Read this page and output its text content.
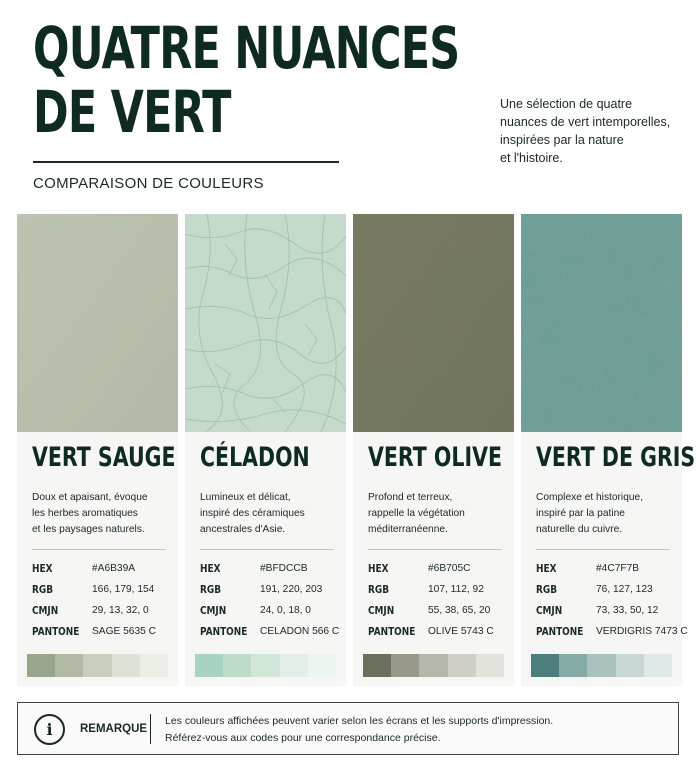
QUATRE NUANCES
DE VERT
COMPARAISON DE COULEURS
Une sélection de quatre
nuances de vert intemporelles,
inspirées par la nature
et l'histoire.
VERT SAUGE
Doux et apaisant, évoque
les herbes aromatiques
et les paysages naturels.
HEX	#A6B39A
RGB	166, 179, 154
CMJN	29, 13, 32, 0
PANTONE SAGE 5635 C
CÉLADON
Lumineux et délicat,
inspiré des céramiques
ancestrales d'Asie.
HEX	#BFDCCB
RGB	191, 220, 203
CMJN	24, 0, 18, 0
PANTONE CELADON 566 C
VERT OLIVE
Profond et terreux,
rappelle la végétation
méditerranéenne.
HEX	#6B705C
RGB	107, 112, 92
CMJN	55, 38, 65, 20
PANTONE OLIVE 5743 C
VERT DE GRIS
Complexe et historique,
inspiré par la patine
naturelle du cuivre.
HEX	#4C7F7B
RGB	76, 127, 123
CMJN	73, 33, 50, 12
PANTONE VERDIGRIS 7473 C
i	REMARQUE
Les couleurs affichées peuvent varier selon les écrans et les supports d'impression.
Référez-vous aux codes pour une correspondance précise.
